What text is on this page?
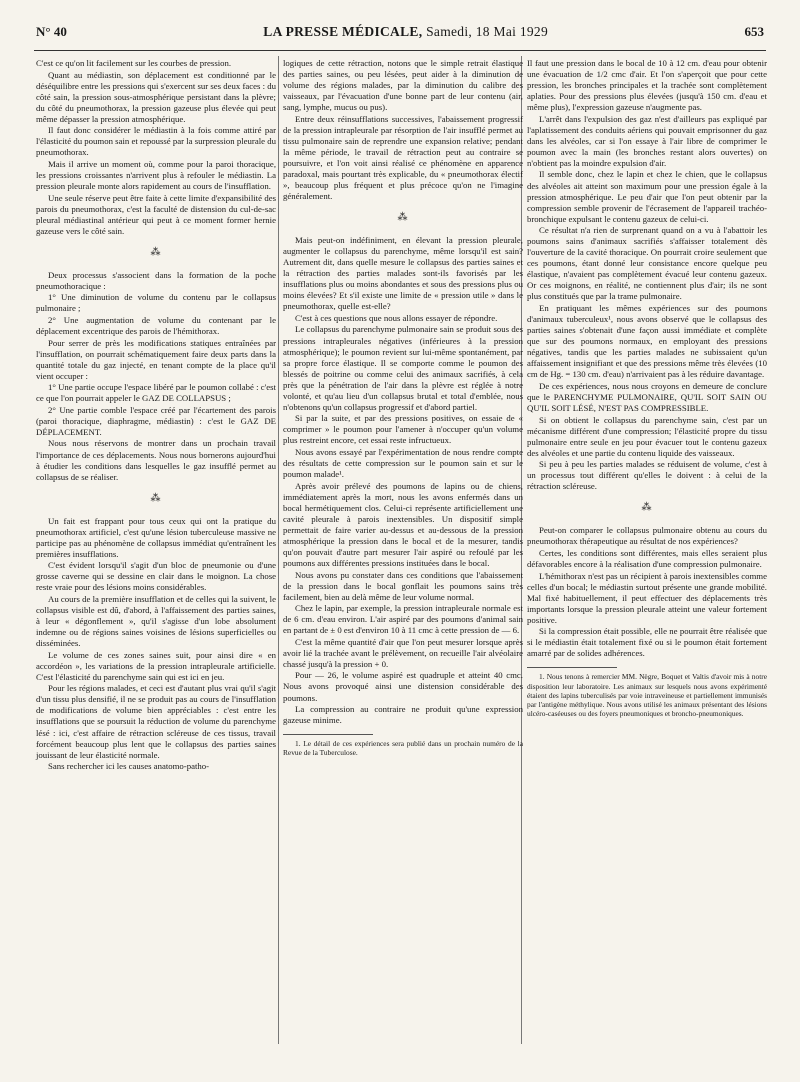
N° 40	LA PRESSE MÉDICALE, Samedi, 18 Mai 1929	653

C'est ce qu'on lit facilement sur les courbes de pression.

Quant au médiastin, son déplacement est conditionné par le déséquilibre entre les pressions qui s'exercent sur ses deux faces : du côté sain, la pression sous-atmosphérique persistant dans la plèvre; du côté du pneumothorax, la pression gazeuse plus élevée qui peut même dépasser la pression atmosphérique.

Il faut donc considérer le médiastin à la fois comme attiré par l'élasticité du poumon sain et repoussé par la surpression pleurale du pneumothorax.

Mais il arrive un moment où, comme pour la paroi thoracique, les pressions croissantes n'arrivent plus à refouler le médiastin. La pression pleurale monte alors rapidement au cours de l'insufflation.

Une seule réserve peut être faite à cette limite d'expansibilité des parois du pneumothorax, c'est la faculté de distension du cul-de-sac pleural médiastinal antérieur qui peut à ce moment former hernie gazeuse vers le côté sain.

⁂

Deux processus s'associent dans la formation de la poche pneumothoracique :

1° Une diminution de volume du contenu par le collapsus pulmonaire ;

2° Une augmentation de volume du contenant par le déplacement excentrique des parois de l'hémithorax.

Pour serrer de près les modifications statiques entraînées par l'insufflation, on pourrait schématiquement faire deux parts dans la quantité totale du gaz injecté, en tenant compte de la place qu'il vient occuper :

1° Une partie occupe l'espace libéré par le poumon collabé : c'est ce que l'on pourrait appeler le GAZ DE COLLAPSUS ;

2° Une partie comble l'espace créé par l'écartement des parois (paroi thoracique, diaphragme, médiastin) : c'est le GAZ DE DÉPLACEMENT.

Nous nous réservons de montrer dans un prochain travail l'importance de ces déplacements. Nous nous bornerons aujourd'hui à étudier les conditions dans lesquelles le gaz insufflé permet au collapsus de se réaliser.

⁂

Un fait est frappant pour tous ceux qui ont la pratique du pneumothorax artificiel, c'est qu'une lésion tuberculeuse massive ne participe pas au phénomène de collapsus immédiat qu'entraînent les premières insufflations.

C'est évident lorsqu'il s'agit d'un bloc de pneumonie ou d'une grosse caverne qui se dessine en clair dans le moignon. La chose reste vraie pour des lésions moins considérables.

Au cours de la première insufflation et de celles qui la suivent, le collapsus visible est dû, d'abord, à l'affaissement des parties saines, à leur « dégonflement », qu'il s'agisse d'un lobe absolument indemne ou de régions saines voisines de lésions superficielles ou disséminées.

Le volume de ces zones saines suit, pour ainsi dire « en accordéon », les variations de la pression intrapleurale artificielle. C'est l'élasticité du parenchyme sain qui est ici en jeu.

Pour les régions malades, et ceci est d'autant plus vrai qu'il s'agit d'un tissu plus densifié, il ne se produit pas au cours de l'insufflation de modifications de volume bien appréciables : c'est entre les insufflations que se poursuit la réduction de volume du parenchyme lésé : ici, c'est affaire de rétraction scléreuse de ces tissus, travail forcément beaucoup plus lent que le collapsus des parties saines jouissant de leur élasticité normale.

Sans rechercher ici les causes anatomo-patho-

logiques de cette rétraction, notons que le simple retrait élastique des parties saines, ou peu lésées, peut aider à la diminution de volume des régions malades, par la diminution du calibre des vaisseaux, par l'évacuation d'une bonne part de leur contenu (air, sang, lymphe, mucus ou pus).

Entre deux réinsufflations successives, l'abaissement progressif de la pression intrapleurale par résorption de l'air insufflé permet au tissu pulmonaire sain de reprendre une expansion relative; pendant la même période, le travail de rétraction peut au contraire se poursuivre, et l'on voit ainsi réalisé ce phénomène en apparence paradoxal, mais pourtant très explicable, du « pneumothorax électif », beaucoup plus fréquent et plus précoce qu'on ne l'imagine généralement.

⁂

Mais peut-on indéfiniment, en élevant la pression pleurale, augmenter le collapsus du parenchyme, même lorsqu'il est sain? Autrement dit, dans quelle mesure le collapsus des parties saines et la rétraction des parties malades sont-ils favorisés par les insufflations plus ou moins abondantes et sous des pressions plus ou moins élevées? Et s'il existe une limite de « pression utile » dans le pneumothorax, quelle est-elle?

C'est à ces questions que nous allons essayer de répondre.

Le collapsus du parenchyme pulmonaire sain se produit sous des pressions intrapleurales négatives (inférieures à la pression atmosphérique); le poumon revient sur lui-même spontanément, par sa propre force élastique. Il se comporte comme le poumon des blessés de poitrine ou comme celui des animaux sacrifiés, à cela près que la pénétration de l'air dans la plèvre est réglée à notre volonté, et qu'au lieu d'un collapsus brutal et total d'emblée, nous n'obtenons qu'un collapsus progressif et d'abord partiel.

Si par la suite, et par des pressions positives, on essaie de « comprimer » le poumon pour l'amener à n'occuper qu'un volume plus restreint encore, cet essai reste infructueux.

Nous avons essayé par l'expérimentation de nous rendre compte des résultats de cette compression sur le poumon sain et sur le poumon malade¹.

Après avoir prélevé des poumons de lapins ou de chiens, immédiatement après la mort, nous les avons enfermés dans un bocal hermétiquement clos. Celui-ci représente artificiellement une cavité pleurale à parois inextensibles. Un dispositif simple permettait de faire varier au-dessus et au-dessous de la pression atmosphérique la pression dans le bocal et de la mesurer, tandis qu'on pouvait d'autre part mesurer l'air aspiré ou refoulé par les poumons aux différentes pressions instituées dans le bocal.

Nous avons pu constater dans ces conditions que l'abaissement de la pression dans le bocal gonflait les poumons sains très facilement, bien au delà même de leur volume normal.

Chez le lapin, par exemple, la pression intrapleurale normale est de 6 cm. d'eau environ. L'air aspiré par des poumons d'animal sain en partant de ± 0 est d'environ 10 à 11 cmc à cette pression de — 6.

C'est la même quantité d'air que l'on peut mesurer lorsque après avoir lié la trachée avant le prélèvement, on recueille l'air alvéolaire chassé jusqu'à la pression + 0.

Pour — 26, le volume aspiré est quadruple et atteint 40 cmc. Nous avons provoqué ainsi une distension considérable des poumons.

La compression au contraire ne produit qu'une expression gazeuse minime.

1. Le détail de ces expériences sera publié dans un prochain numéro de la Revue de la Tuberculose.

Il faut une pression dans le bocal de 10 à 12 cm. d'eau pour obtenir une évacuation de 1/2 cmc d'air. Et l'on s'aperçoit que pour cette pression, les bronches principales et la trachée sont complètement aplaties. Pour des pressions plus élevées (jusqu'à 150 cm. d'eau et même plus), l'expression gazeuse n'augmente pas.

L'arrêt dans l'expulsion des gaz n'est d'ailleurs pas expliqué par l'aplatissement des conduits aériens qui pouvait emprisonner du gaz dans les alvéoles, car si l'on essaye à l'air libre de comprimer le poumon avec la main (les bronches restant alors ouvertes) on n'obtient pas la moindre expulsion d'air.

Il semble donc, chez le lapin et chez le chien, que le collapsus des alvéoles ait atteint son maximum pour une pression égale à la pression atmosphérique. Le peu d'air que l'on peut obtenir par la compression semble provenir de l'écrasement de l'appareil trachéo-bronchique expulsant le contenu gazeux de celui-ci.

Ce résultat n'a rien de surprenant quand on a vu à l'abattoir les poumons sains d'animaux sacrifiés s'affaisser totalement dès l'ouverture de la cavité thoracique. On pourrait croire seulement que ces poumons, étant donné leur consistance encore quelque peu élastique, n'avaient pas complètement évacué leur contenu gazeux. Or ces moignons, en réalité, ne contiennent plus d'air; ils ne sont plus constitués que par la trame pulmonaire.

En pratiquant les mêmes expériences sur des poumons d'animaux tuberculeux¹, nous avons observé que le collapsus des parties saines s'obtenait d'une façon aussi immédiate et complète que sur des poumons normaux, en employant des pressions négatives, tandis que les parties malades ne subissaient qu'un affaissement insignifiant et que des pressions même très élevées (10 cm de Hg. = 130 cm. d'eau) n'arrivaient pas à les réduire davantage.

De ces expériences, nous nous croyons en demeure de conclure que le PARENCHYME PULMONAIRE, QU'IL SOIT SAIN OU QU'IL SOIT LÉSÉ, N'EST PAS COMPRESSIBLE.

Si on obtient le collapsus du parenchyme sain, c'est par un mécanisme différent d'une compression; l'élasticité propre du tissu pulmonaire entre seule en jeu pour évacuer tout le contenu gazeux des alvéoles et une partie du contenu liquide des vaisseaux.

Si peu à peu les parties malades se réduisent de volume, c'est à un processus tout différent qu'elles le doivent : à celui de la rétraction scléreuse.

⁂

Peut-on comparer le collapsus pulmonaire obtenu au cours du pneumothorax thérapeutique au résultat de nos expériences?

Certes, les conditions sont différentes, mais elles seraient plus défavorables encore à la réalisation d'une compression pulmonaire.

L'hémithorax n'est pas un récipient à parois inextensibles comme celles d'un bocal; le médiastin surtout présente une grande mobilité. Mal fixé habituellement, il peut effectuer des déplacements très importants lorsque la pression pleurale atteint une valeur fortement positive.

Si la compression était possible, elle ne pourrait être réalisée que si le médiastin était totalement fixé ou si le poumon était fortement amarré par de solides adhérences.

1. Nous tenons à remercier MM. Nègre, Boquet et Valtis d'avoir mis à notre disposition leur laboratoire. Les animaux sur lesquels nous avons expérimenté étaient des lapins tuberculisés par voie intraveineuse et partiellement immunisés par l'antigène méthylique. Nous avons utilisé les animaux présentant des lésions ulcéro-caséeuses ou des foyers pneumoniques et broncho-pneumoniques.
